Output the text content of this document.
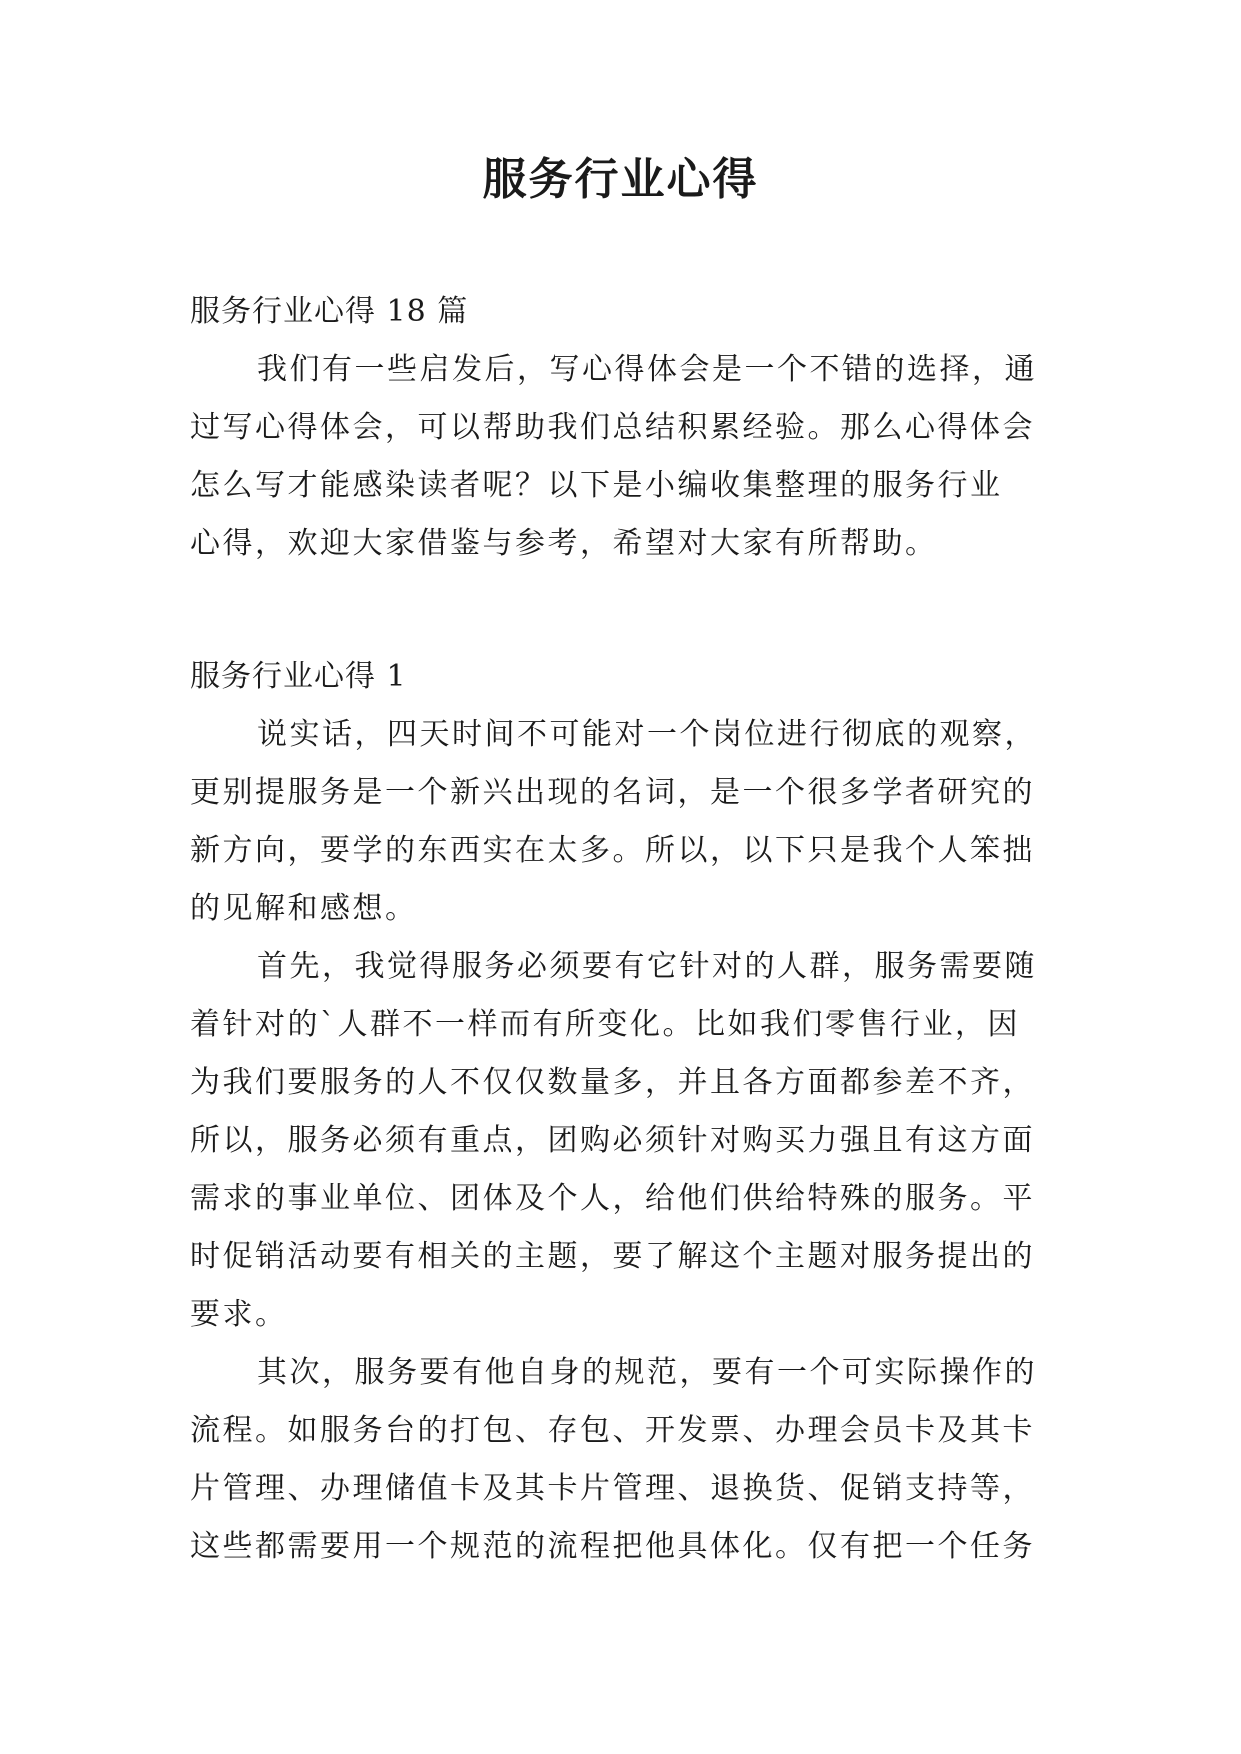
服务行业心得
服务行业心得 18 篇
我们有一些启发后，写心得体会是一个不错的选择，通
过写心得体会，可以帮助我们总结积累经验。那么心得体会
怎么写才能感染读者呢？以下是小编收集整理的服务行业
心得，欢迎大家借鉴与参考，希望对大家有所帮助。
服务行业心得 1
说实话，四天时间不可能对一个岗位进行彻底的观察，
更别提服务是一个新兴出现的名词，是一个很多学者研究的
新方向，要学的东西实在太多。所以，以下只是我个人笨拙
的见解和感想。
首先，我觉得服务必须要有它针对的人群，服务需要随
着针对的`人群不一样而有所变化。比如我们零售行业，因
为我们要服务的人不仅仅数量多，并且各方面都参差不齐，
所以，服务必须有重点，团购必须针对购买力强且有这方面
需求的事业单位、团体及个人，给他们供给特殊的服务。平
时促销活动要有相关的主题，要了解这个主题对服务提出的
要求。
其次，服务要有他自身的规范，要有一个可实际操作的
流程。如服务台的打包、存包、开发票、办理会员卡及其卡
片管理、办理储值卡及其卡片管理、退换货、促销支持等，
这些都需要用一个规范的流程把他具体化。仅有把一个任务
